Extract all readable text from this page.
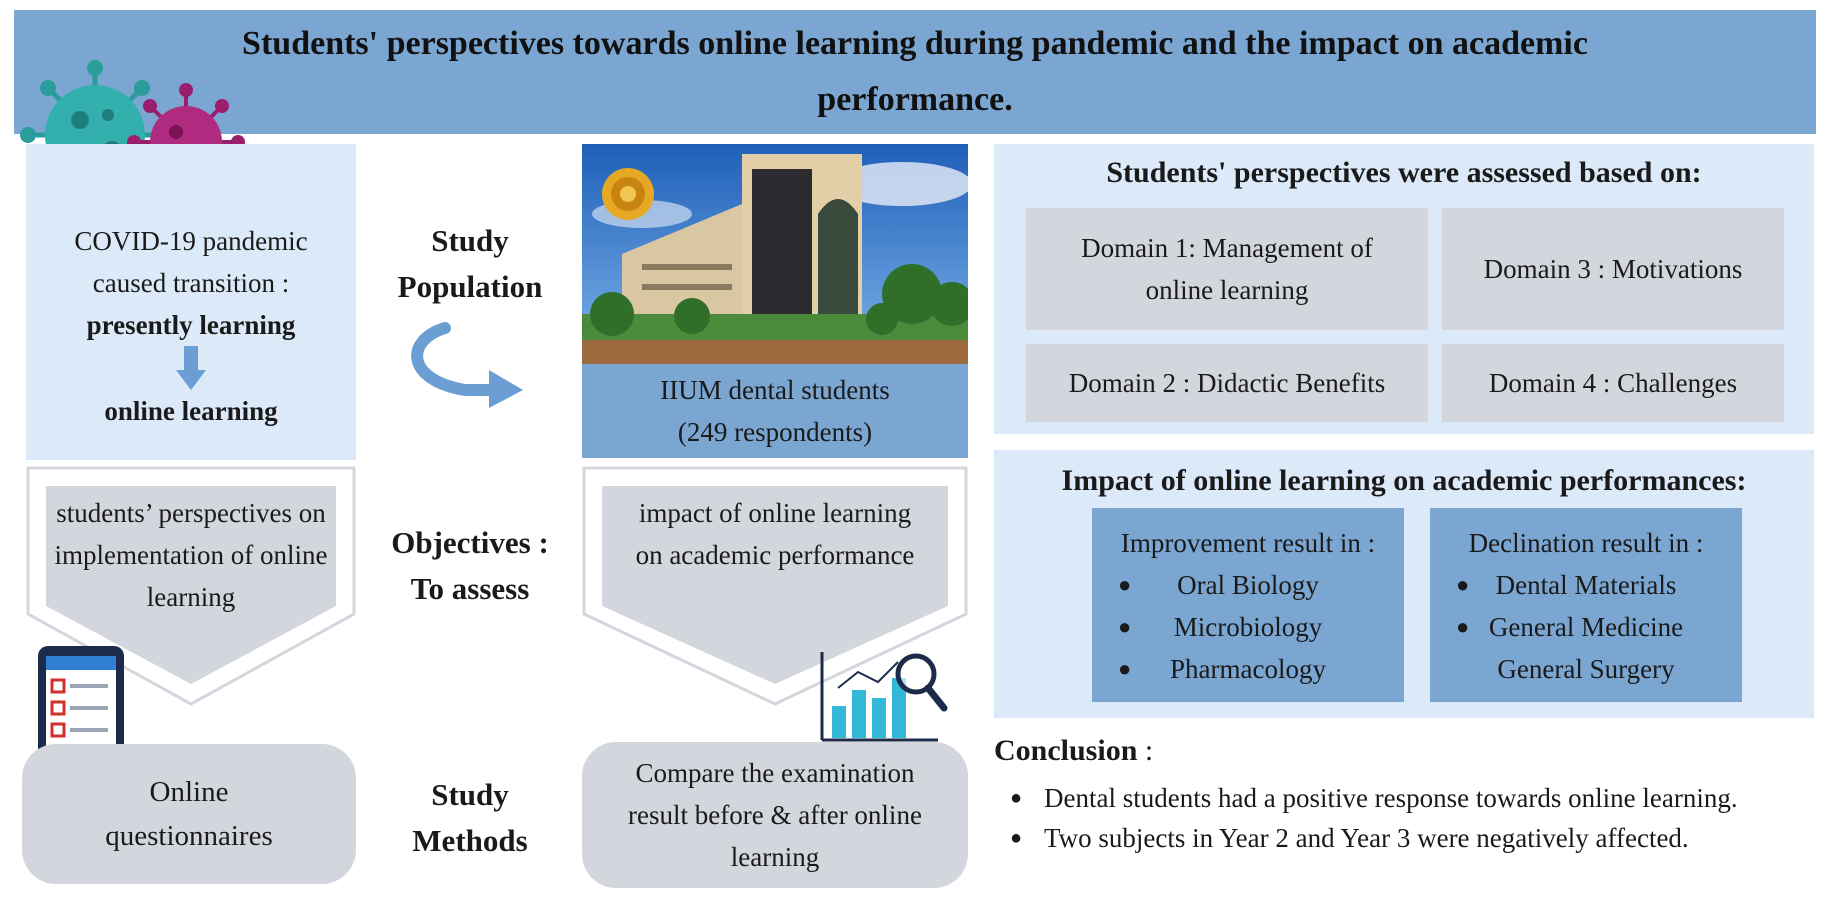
Students' perspectives towards online learning during pandemic and the impact on academic performance.
COVID-19 pandemic caused transition :
presently learning
online learning
Study
Population
IIUM dental students
(249 respondents)
students’ perspectives on implementation of online learning
Objectives :
To assess
impact of online learning on academic performance
Online questionnaires
Study
Methods
Compare the examination result before & after online learning
Students' perspectives were assessed based on:
Domain 1: Management of online learning
Domain 3 : Motivations
Domain 2 : Didactic Benefits	Domain 4 : Challenges
Impact of online learning on academic performances:
Improvement result in :
● Oral Biology
● Microbiology
● Pharmacology
Declination result in :
● Dental Materials
● General Medicine
General Surgery
Conclusion :
● Dental students had a positive response towards online learning.
● Two subjects in Year 2 and Year 3 were negatively affected.
